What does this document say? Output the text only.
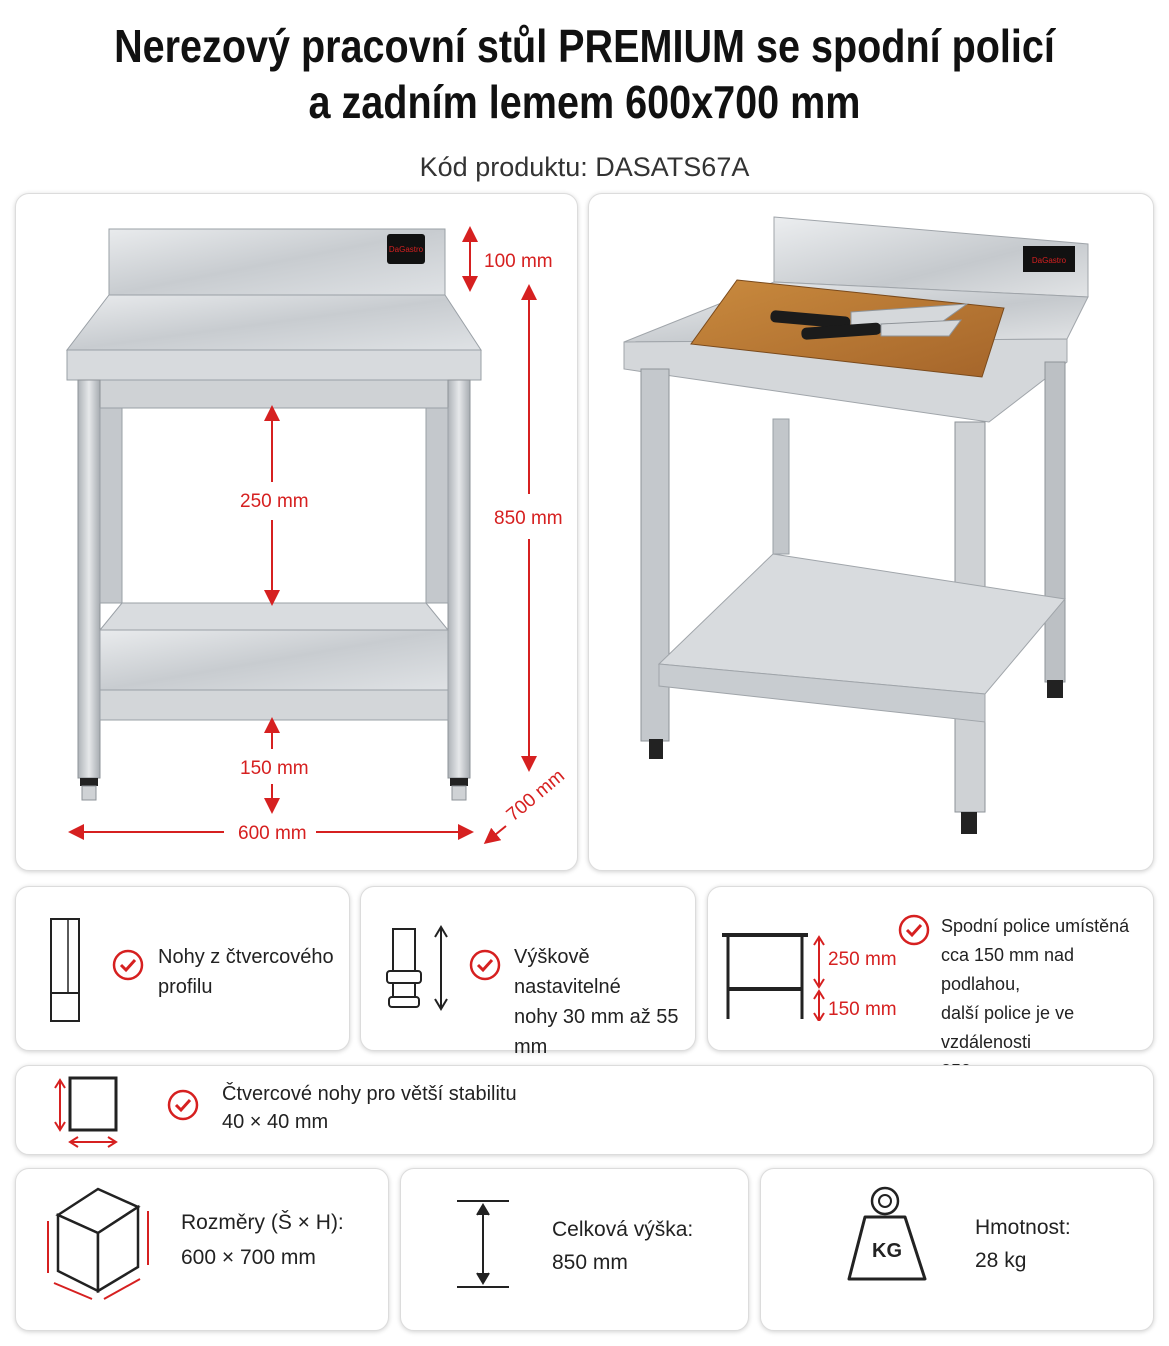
Nerezový pracovní stůl PREMIUM se spodní policí
a zadním lemem 600x700 mm
Kód produktu: DASATS67A
DaGastro
100 mm
850 mm
250 mm
150 mm
600 mm
700 mm
DaGastro
Nohy z čtvercového
profilu
Výškově nastavitelné
nohy 30 mm až 55 mm
250 mm
150 mm
Spodní police umístěná
cca 150 mm nad podlahou,
další police je ve vzdálenosti
Čtvercové nohy pro větší stabilitu
40 × 40 mm
Rozměry (Š × H):
600 × 700 mm
Celková výška:
850 mm	KG
Hmotnost:
28 kg
